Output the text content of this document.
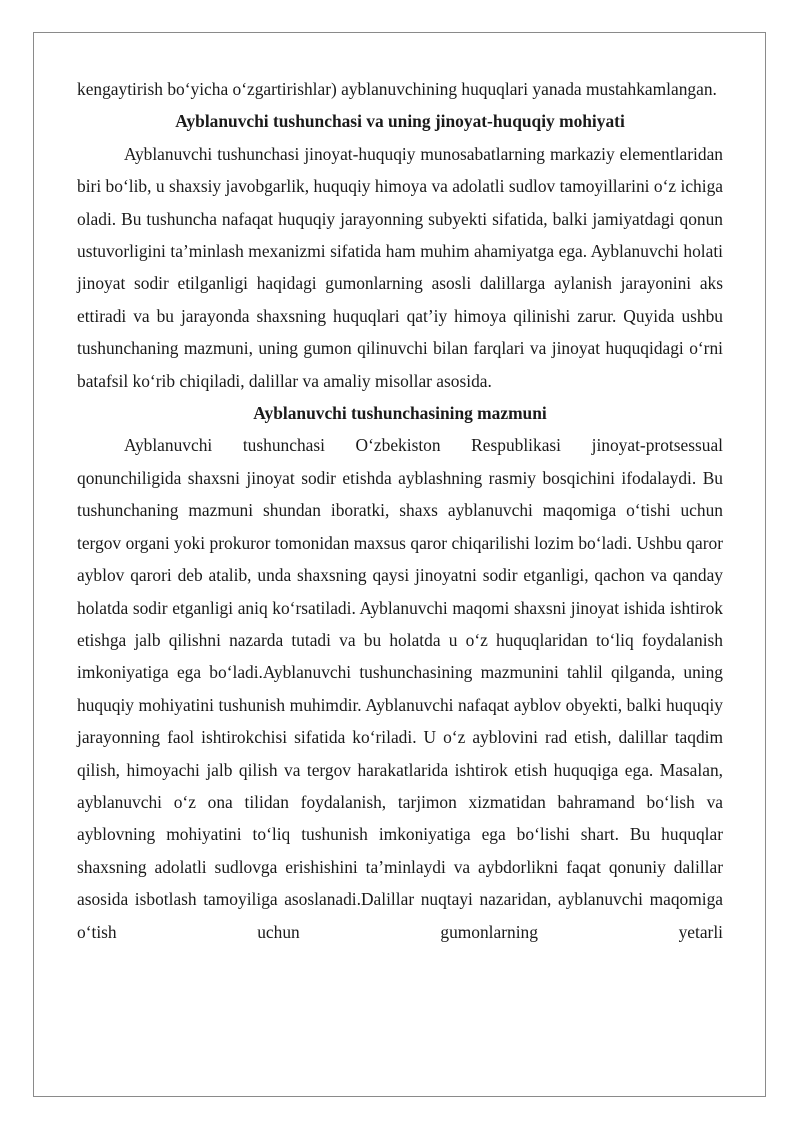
kengaytirish bo‘yicha o‘zgartirishlar) ayblanuvchining huquqlari yanada mustahkamlangan.

Ayblanuvchi tushunchasi va uning jinoyat-huquqiy mohiyati

Ayblanuvchi tushunchasi jinoyat-huquqiy munosabatlarning markaziy elementlaridan biri bo‘lib, u shaxsiy javobgarlik, huquqiy himoya va adolatli sudlov tamoyillarini o‘z ichiga oladi. Bu tushuncha nafaqat huquqiy jarayonning subyekti sifatida, balki jamiyatdagi qonun ustuvorligini ta’minlash mexanizmi sifatida ham muhim ahamiyatga ega. Ayblanuvchi holati jinoyat sodir etilganligi haqidagi gumonlarning asosli dalillarga aylanish jarayonini aks ettiradi va bu jarayonda shaxsning huquqlari qat’iy himoya qilinishi zarur. Quyida ushbu tushunchaning mazmuni, uning gumon qilinuvchi bilan farqlari va jinoyat huquqidagi o‘rni batafsil ko‘rib chiqiladi, dalillar va amaliy misollar asosida.

Ayblanuvchi tushunchasining mazmuni

Ayblanuvchi tushunchasi O‘zbekiston Respublikasi jinoyat-protsessual qonunchiligida shaxsni jinoyat sodir etishda ayblashning rasmiy bosqichini ifodalaydi. Bu tushunchaning mazmuni shundan iboratki, shaxs ayblanuvchi maqomiga o‘tishi uchun tergov organi yoki prokuror tomonidan maxsus qaror chiqarilishi lozim bo‘ladi. Ushbu qaror ayblov qarori deb atalib, unda shaxsning qaysi jinoyatni sodir etganligi, qachon va qanday holatda sodir etganligi aniq ko‘rsatiladi. Ayblanuvchi maqomi shaxsni jinoyat ishida ishtirok etishga jalb qilishni nazarda tutadi va bu holatda u o‘z huquqlaridan to‘liq foydalanish imkoniyatiga ega bo‘ladi.Ayblanuvchi tushunchasining mazmunini tahlil qilganda, uning huquqiy mohiyatini tushunish muhimdir. Ayblanuvchi nafaqat ayblov obyekti, balki huquqiy jarayonning faol ishtirokchisi sifatida ko‘riladi. U o‘z ayblovini rad etish, dalillar taqdim qilish, himoyachi jalb qilish va tergov harakatlarida ishtirok etish huquqiga ega. Masalan, ayblanuvchi o‘z ona tilidan foydalanish, tarjimon xizmatidan bahramand bo‘lish va ayblovning mohiyatini to‘liq tushunish imkoniyatiga ega bo‘lishi shart. Bu huquqlar shaxsning adolatli sudlovga erishishini ta’minlaydi va aybdorlikni faqat qonuniy dalillar asosida isbotlash tamoyiliga asoslanadi.Dalillar nuqtayi nazaridan, ayblanuvchi maqomiga o‘tish uchun gumonlarning yetarli
